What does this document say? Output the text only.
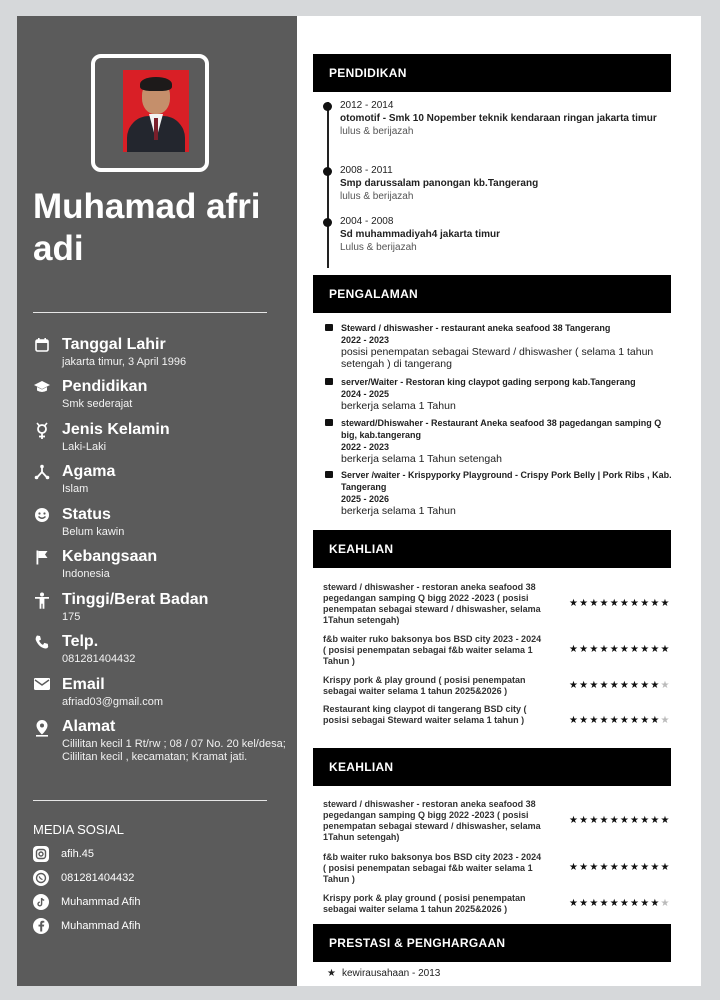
Muhamad afri adi
Tanggal Lahir
jakarta timur, 3 April 1996
Pendidikan
Smk sederajat
Jenis Kelamin
Laki-Laki
Agama
Islam
Status
Belum kawin
Kebangsaan
Indonesia
Tinggi/Berat Badan
175
Telp.
081281404432
Email
afriad03@gmail.com
Alamat
Cililitan kecil 1 Rt/rw ; 08 / 07 No. 20 kel/desa; Cililitan kecil , kecamatan; Kramat jati.
MEDIA SOSIAL
afih.45
081281404432
Muhammad Afih
Muhammad Afih
PENDIDIKAN
2012 - 2014
otomotif - Smk 10 Nopember teknik kendaraan ringan jakarta timur
lulus & berijazah
2008 - 2011
Smp darussalam panongan kb.Tangerang
lulus & berijazah
2004 - 2008
Sd muhammadiyah4 jakarta timur
Lulus & berijazah
PENGALAMAN
Steward / dhiswasher - restaurant aneka seafood 38 Tangerang
2022 - 2023
posisi penempatan sebagai Steward / dhiswasher ( selama 1 tahun setengah ) di tangerang
server/Waiter - Restoran king claypot gading serpong kab.Tangerang
2024 - 2025
berkerja selama 1 Tahun
steward/Dhiswaher - Restaurant Aneka seafood 38 pagedangan samping Q big, kab.tangerang
2022 - 2023
berkerja selama 1 Tahun setengah
Server /waiter - Krispyporky Playground - Crispy Pork Belly | Pork Ribs , Kab. Tangerang
2025 - 2026
berkerja selama 1 Tahun
KEAHLIAN
steward / dhiswasher - restoran aneka seafood 38 pegedangan samping Q bigg 2022 -2023 ( posisi penempatan sebagai steward / dhiswasher, selama 1Tahun setengah)
★★★★★★★★★★
f&b waiter ruko baksonya bos BSD city 2023 - 2024 ( posisi penempatan sebagai f&b waiter selama 1 Tahun )
★★★★★★★★★★
Krispy pork & play ground ( posisi penempatan sebagai waiter selama 1 tahun 2025&2026 )	★★★★★★★★★★
Restaurant king claypot di tangerang BSD city ( posisi sebagai Steward waiter selama 1 tahun )	★★★★★★★★★★
KEAHLIAN
steward / dhiswasher - restoran aneka seafood 38 pegedangan samping Q bigg 2022 -2023 ( posisi penempatan sebagai steward / dhiswasher, selama 1Tahun setengah)
★★★★★★★★★★
f&b waiter ruko baksonya bos BSD city 2023 - 2024 ( posisi penempatan sebagai f&b waiter selama 1 Tahun )
★★★★★★★★★★
Krispy pork & play ground ( posisi penempatan sebagai waiter selama 1 tahun 2025&2026 )	★★★★★★★★★★
PRESTASI & PENGHARGAAN
★ kewirausahaan - 2013
